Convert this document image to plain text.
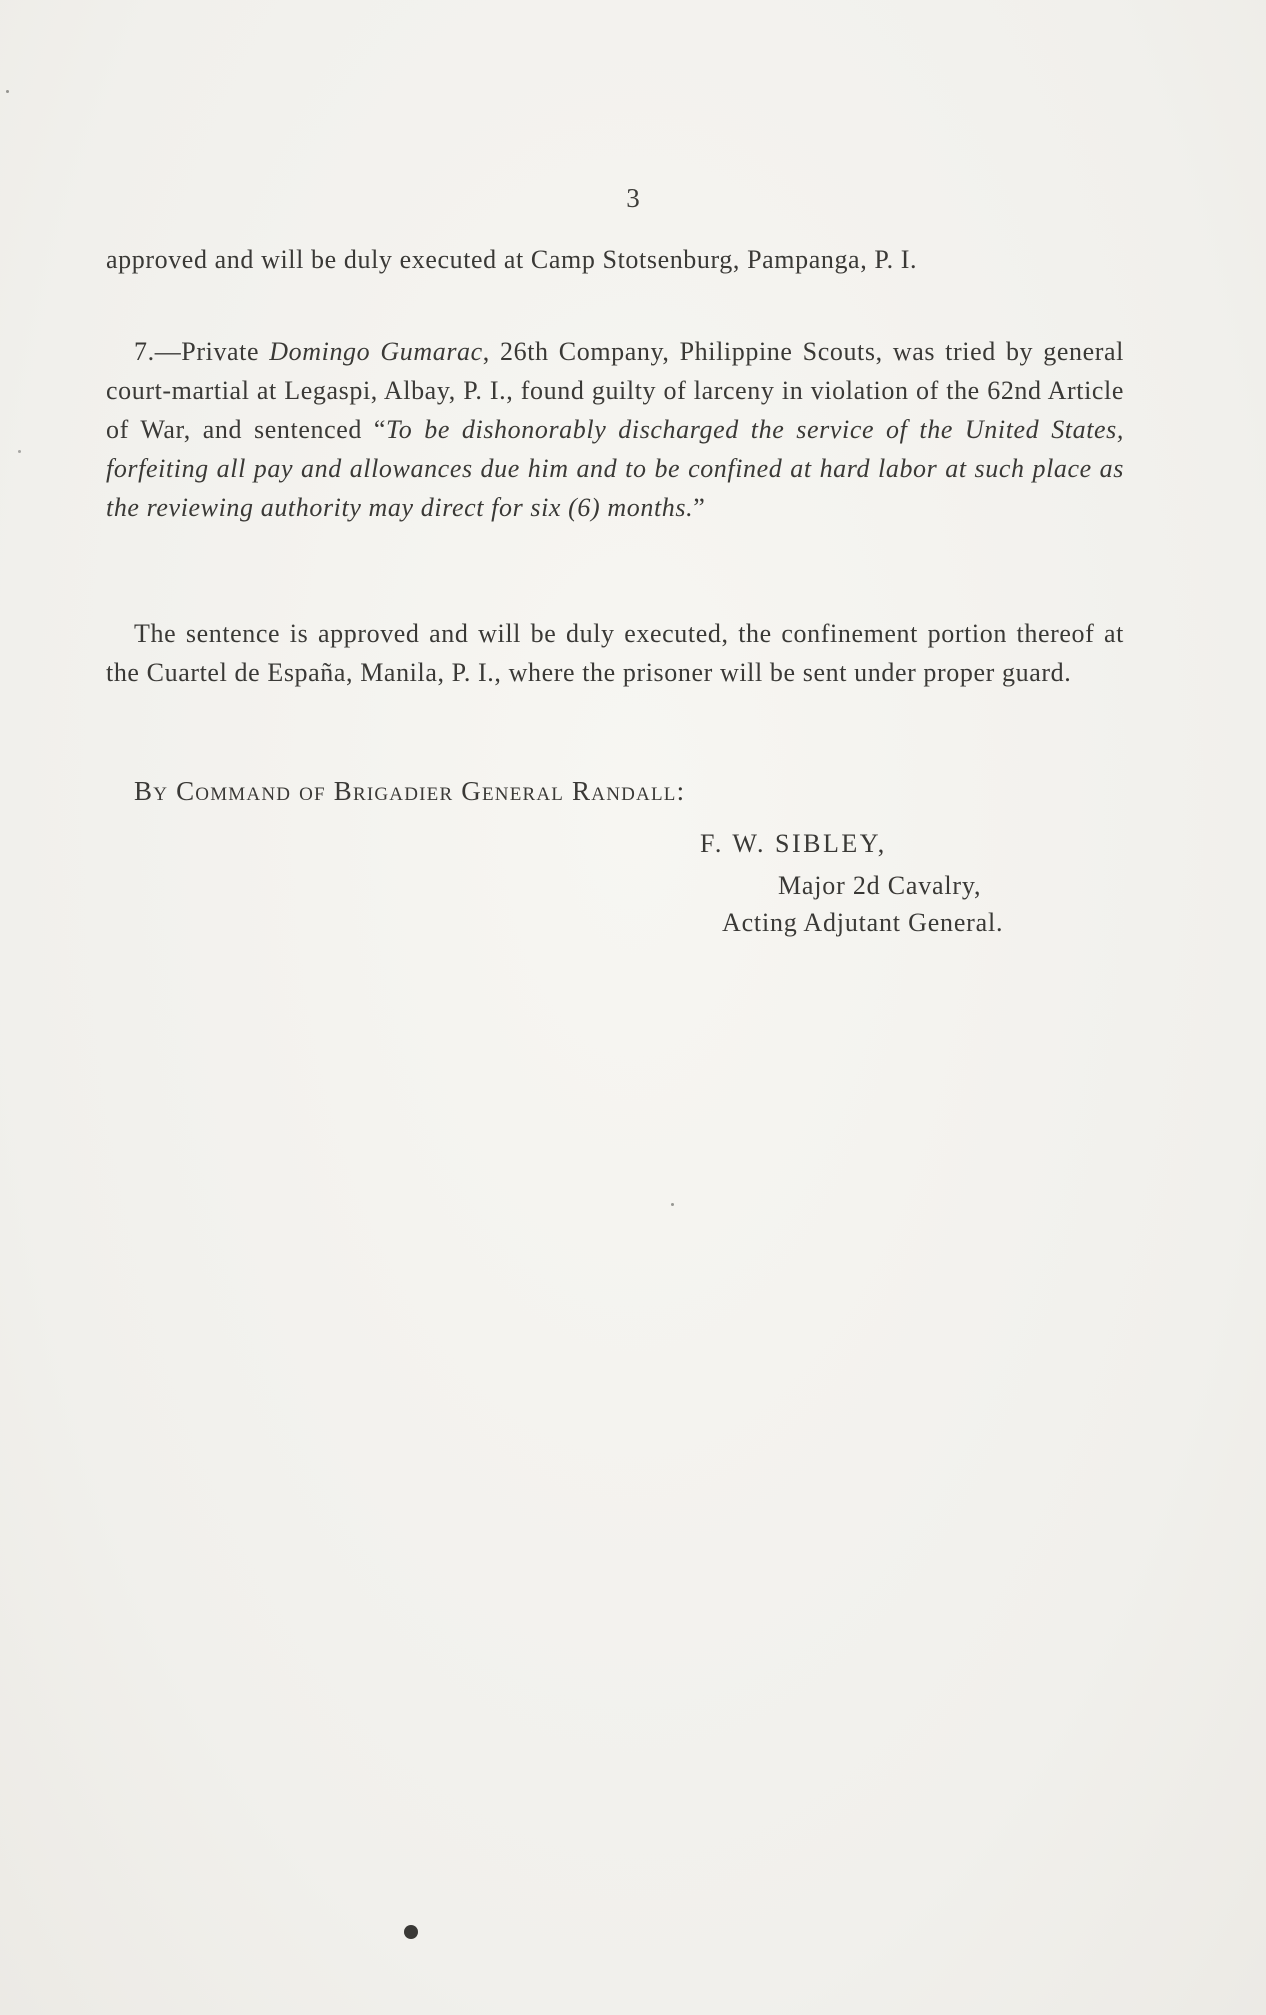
3
approved and will be duly executed at Camp Stotsenburg, Pampanga, P. I.
7.—Private Domingo Gumarac, 26th Company, Philippine Scouts, was tried by general court-martial at Legaspi, Albay, P. I., found guilty of larceny in violation of the 62nd Article of War, and sentenced “To be dishonorably discharged the service of the United States, forfeiting all pay and allowances due him and to be confined at hard labor at such place as the reviewing authority may direct for six (6) months.”
The sentence is approved and will be duly executed, the confinement portion thereof at the Cuartel de España, Manila, P. I., where the prisoner will be sent under proper guard.
By Command of Brigadier General Randall:
F. W. SIBLEY,
Major 2d Cavalry,
Acting Adjutant General.
